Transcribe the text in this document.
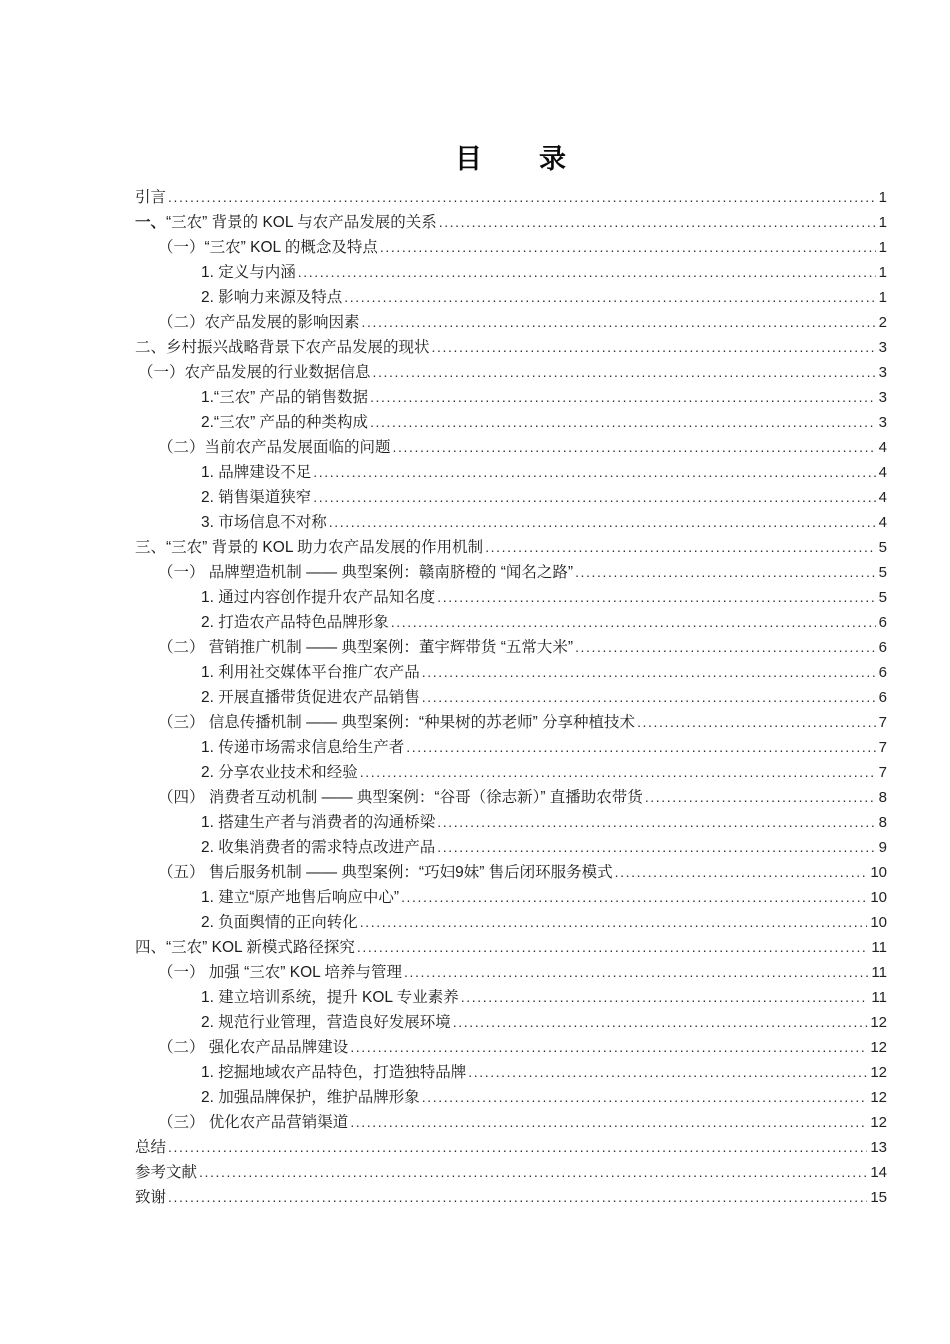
目　　录
引言 .....	1
一、 “三农” 背景的 KOL 与农产品发展的关系 .....	1
（一）“三农” KOL 的概念及特点 .....	1
1. 定义与内涵 .....	1
2. 影响力来源及特点 .....	1
（二）农产品发展的影响因素 .....	2
二、乡村振兴战略背景下农产品发展的现状 .....	3
（一）农产品发展的行业数据信息 .....	3
1.“三农” 产品的销售数据 .....	3
2.“三农” 产品的种类构成 .....	3
（二）当前农产品发展面临的问题 .....	4
1. 品牌建设不足 .....	4
2. 销售渠道狭窄 .....	4
3. 市场信息不对称 .....	4
三、“三农” 背景的 KOL 助力农产品发展的作用机制 .....	5
（一） 品牌塑造机制 —— 典型案例：赣南脐橙的 “闻名之路” .....	5
1. 通过内容创作提升农产品知名度 .....	5
2. 打造农产品特色品牌形象 .....	6
（二） 营销推广机制 —— 典型案例：董宇辉带货 “五常大米” .....	6
1. 利用社交媒体平台推广农产品 .....	6
2. 开展直播带货促进农产品销售 .....	6
（三） 信息传播机制 —— 典型案例：“种果树的苏老师” 分享种植技术 .....	7
1. 传递市场需求信息给生产者 .....	7
2. 分享农业技术和经验 .....	7
（四） 消费者互动机制 —— 典型案例：“谷哥（徐志新）” 直播助农带货 .....	8
1. 搭建生产者与消费者的沟通桥梁 .....	8
2. 收集消费者的需求特点改进产品 .....	9
（五） 售后服务机制 —— 典型案例：“巧妇9妹” 售后闭环服务模式 .....	10
1. 建立“原产地售后响应中心” .....	10
2. 负面舆情的正向转化 .....	10
四、“三农” KOL 新模式路径探究 .....	11
（一） 加强 “三农” KOL 培养与管理 .....	11
1. 建立培训系统，提升 KOL 专业素养 .....	11
2. 规范行业管理，营造良好发展环境 .....	12
（二） 强化农产品品牌建设 .....	12
1. 挖掘地域农产品特色，打造独特品牌 .....	12
2. 加强品牌保护，维护品牌形象 .....	12
（三） 优化农产品营销渠道 .....	12
总结 .....	13
参考文献 .....	14
致谢 .....	15
